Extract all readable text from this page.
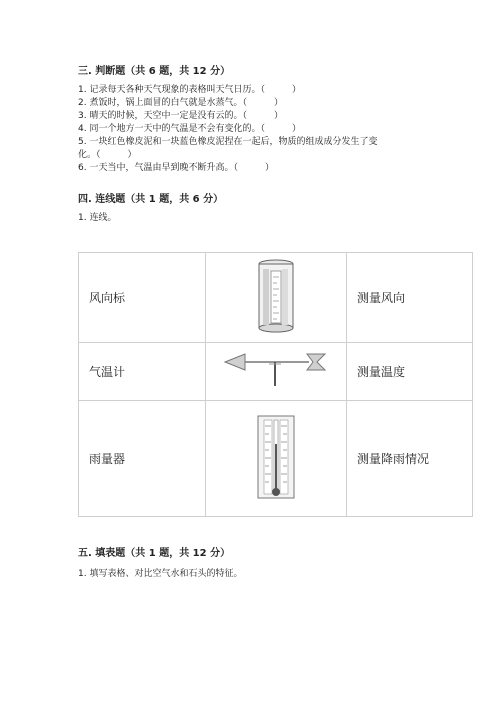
三. 判断题（共 6 题，共 12 分）
1. 记录每天各种天气现象的表格叫天气日历。（　　　）
2. 煮饭时，锅上面冒的白气就是水蒸气。（　　　）
3. 晴天的时候，天空中一定是没有云的。（　　　）
4. 同一个地方一天中的气温是不会有变化的。（　　　）
5. 一块红色橡皮泥和一块蓝色橡皮泥捏在一起后，物质的组成成分发生了变
化。（　　　）
6. 一天当中，气温由早到晚不断升高。（　　　）
四. 连线题（共 1 题，共 6 分）
1. 连线。
风向标		测量风向

气温计		测量温度

雨量器		测量降雨情况
五. 填表题（共 1 题，共 12 分）
1. 填写表格、对比空气水和石头的特征。
